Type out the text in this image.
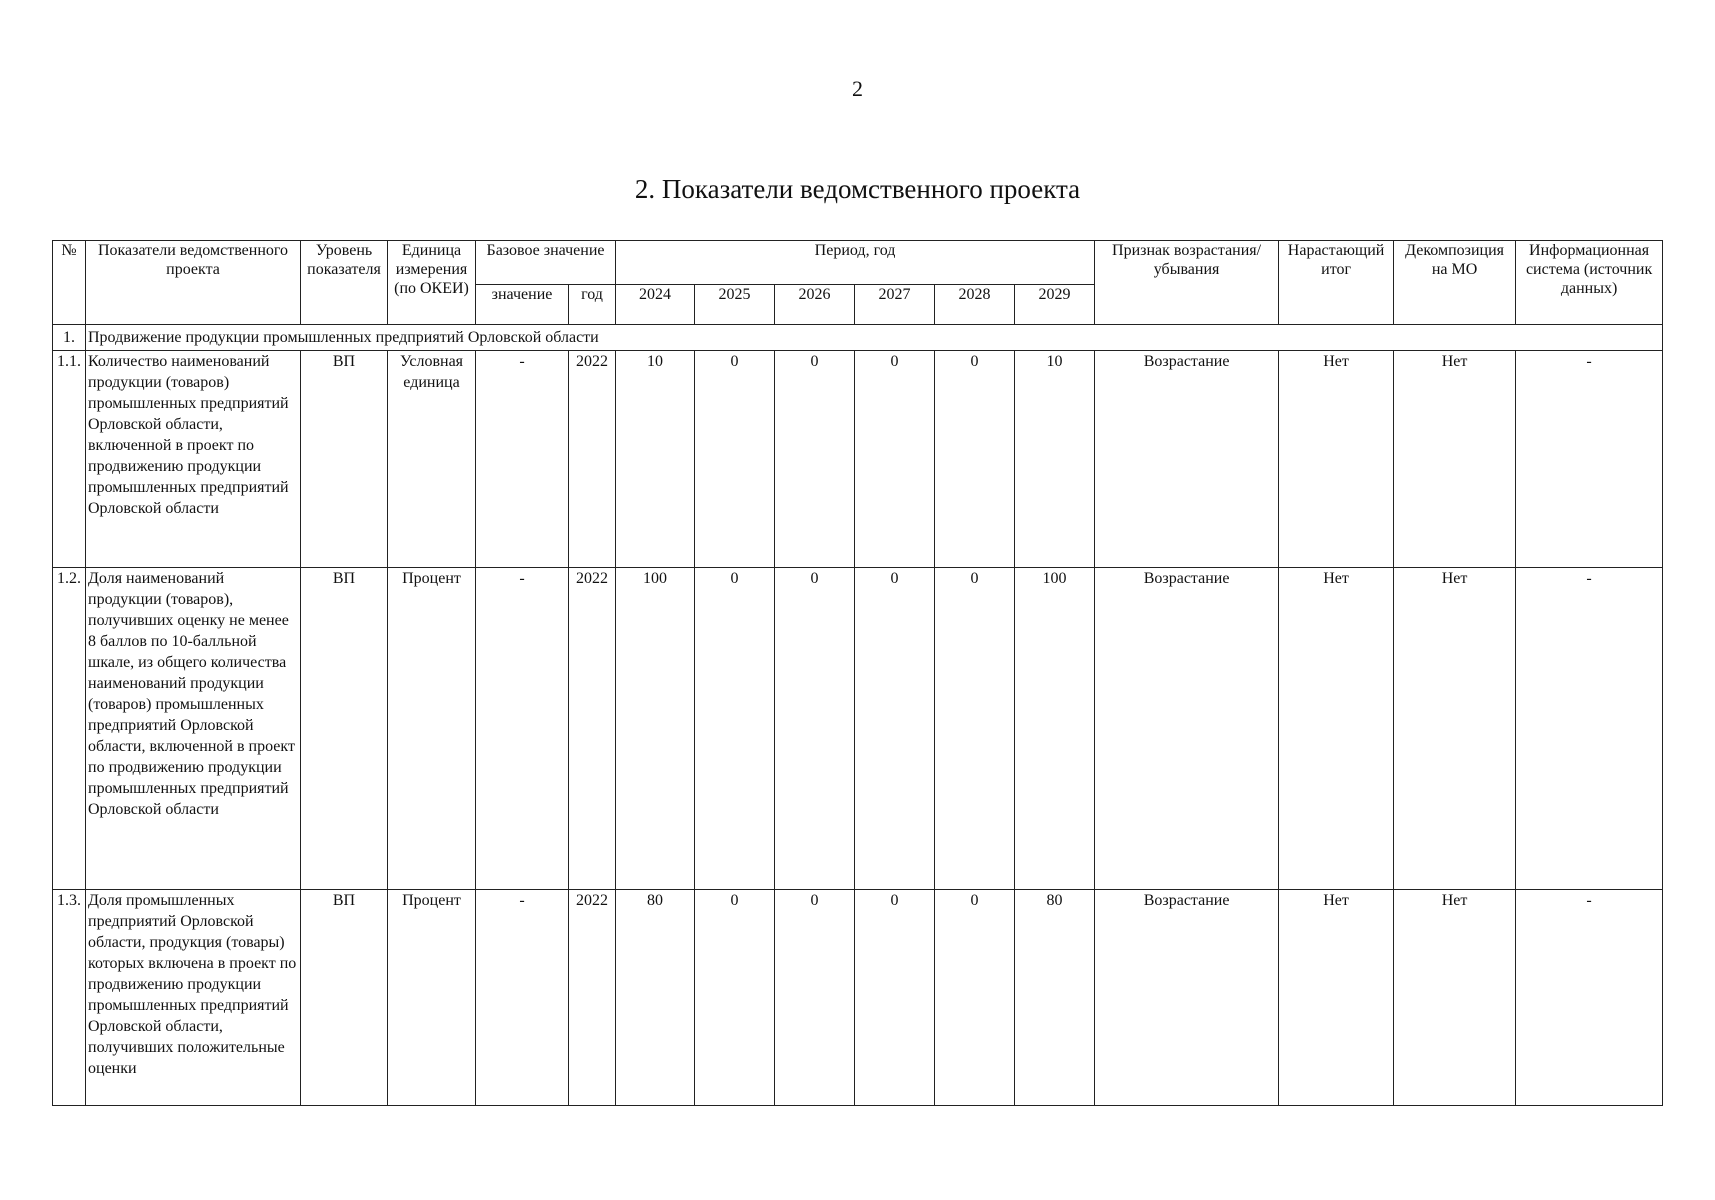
2
2. Показатели ведомственного проекта
№	Показатели ведомственного проекта	Уровень показателя	Единица измерения (по ОКЕИ)	Базовое значение		Период, год						Признак возрастания/убывания	Нарастающий итог	Декомпозиция на МО	Информационная система (источник данных)
				значение	год	2024	2025	2026	2027	2028	2029				
1.	Продвижение продукции промышленных предприятий Орловской области														
1.1.	Количество наименований продукции (товаров) промышленных предприятий Орловской области, включенной в проект по продвижению продукции промышленных предприятий Орловской области	ВП	Условная единица	-	2022	10	0	0	0	0	10	Возрастание	Нет	Нет	-
1.2.	Доля наименований продукции (товаров), получивших оценку не менее 8 баллов по 10-балльной шкале, из общего количества наименований продукции (товаров) промышленных предприятий Орловской области, включенной в проект по продвижению продукции промышленных предприятий Орловской области	ВП	Процент	-	2022	100	0	0	0	0	100	Возрастание	Нет	Нет	-
1.3.	Доля промышленных предприятий Орловской области, продукция (товары) которых включена в проект по продвижению продукции промышленных предприятий Орловской области, получивших положительные оценки	ВП	Процент	-	2022	80	0	0	0	0	80	Возрастание	Нет	Нет	-
